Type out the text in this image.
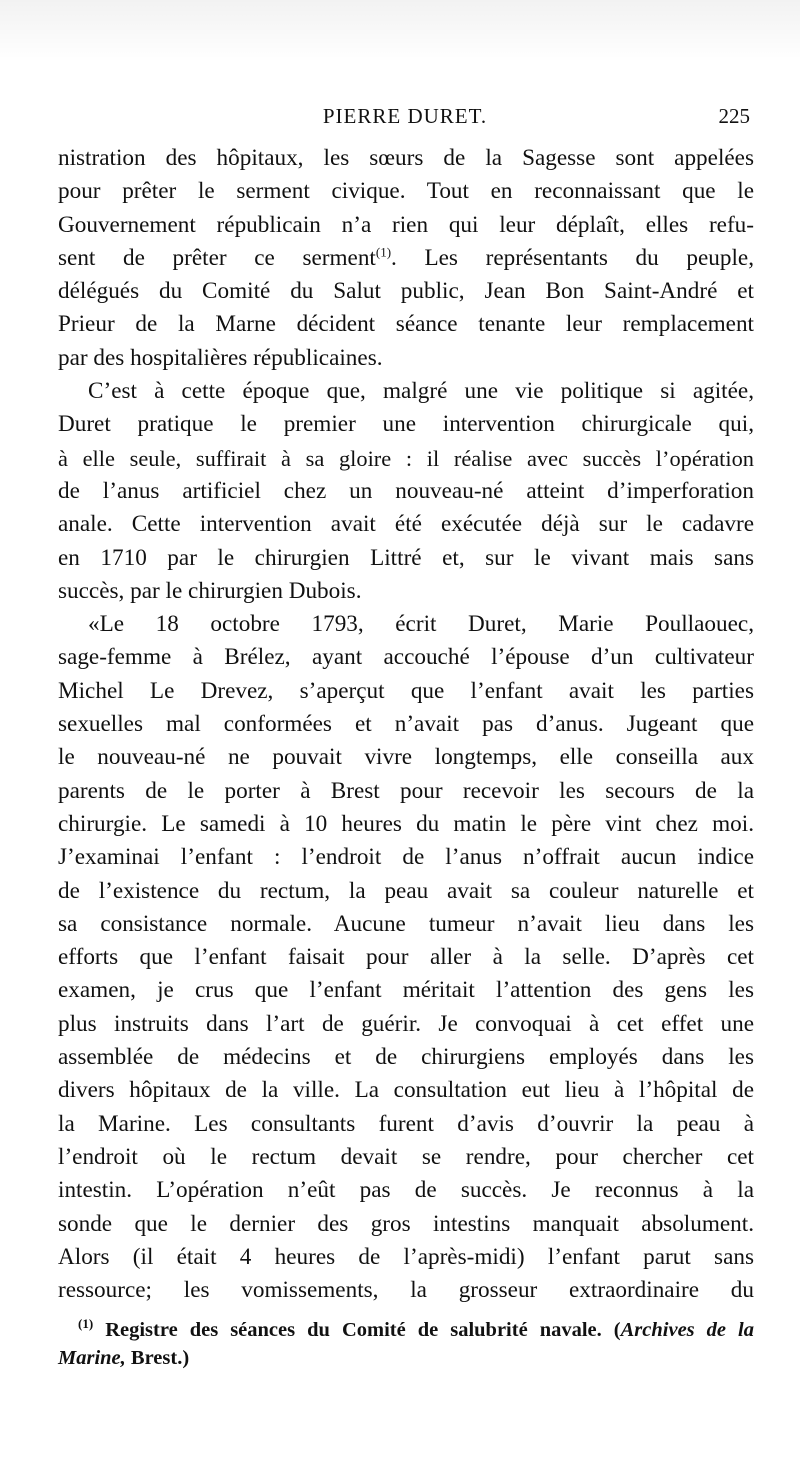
PIERRE DURET.	225
nistration des hôpitaux, les sœurs de la Sagesse sont appelées
pour prêter le serment civique. Tout en reconnaissant que le
Gouvernement républicain n’a rien qui leur déplaît, elles refu-
sent de prêter ce serment$^{(1)}$. Les représentants du peuple,
délégués du Comité du Salut public, Jean Bon Saint-André et
Prieur de la Marne décident séance tenante leur remplacement
par des hospitalières républicaines.
C’est à cette époque que, malgré une vie politique si agitée,
Duret pratique le premier une intervention chirurgicale qui,
à elle seule, suffirait à sa gloire : il réalise avec succès l’opération
de l’anus artificiel chez un nouveau-né atteint d’imperforation
anale. Cette intervention avait été exécutée déjà sur le cadavre
en 1710 par le chirurgien Littré et, sur le vivant mais sans
succès, par le chirurgien Dubois.
«Le 18 octobre 1793, écrit Duret, Marie Poullaouec,
sage-femme à Brélez, ayant accouché l’épouse d’un cultivateur
Michel Le Drevez, s’aperçut que l’enfant avait les parties
sexuelles mal conformées et n’avait pas d’anus. Jugeant que
le nouveau-né ne pouvait vivre longtemps, elle conseilla aux
parents de le porter à Brest pour recevoir les secours de la
chirurgie. Le samedi à 10 heures du matin le père vint chez moi.
J’examinai l’enfant : l’endroit de l’anus n’offrait aucun indice
de l’existence du rectum, la peau avait sa couleur naturelle et
sa consistance normale. Aucune tumeur n’avait lieu dans les
efforts que l’enfant faisait pour aller à la selle. D’après cet
examen, je crus que l’enfant méritait l’attention des gens les
plus instruits dans l’art de guérir. Je convoquai à cet effet une
assemblée de médecins et de chirurgiens employés dans les
divers hôpitaux de la ville. La consultation eut lieu à l’hôpital de
la Marine. Les consultants furent d’avis d’ouvrir la peau à
l’endroit où le rectum devait se rendre, pour chercher cet
intestin. L’opération n’eût pas de succès. Je reconnus à la
sonde que le dernier des gros intestins manquait absolument.
Alors (il était 4 heures de l’après-midi) l’enfant parut sans
ressource; les vomissements, la grosseur extraordinaire du
$^{(1)}$ Registre des séances du Comité de salubrité navale. (Archives de la
Marine, Brest.)
